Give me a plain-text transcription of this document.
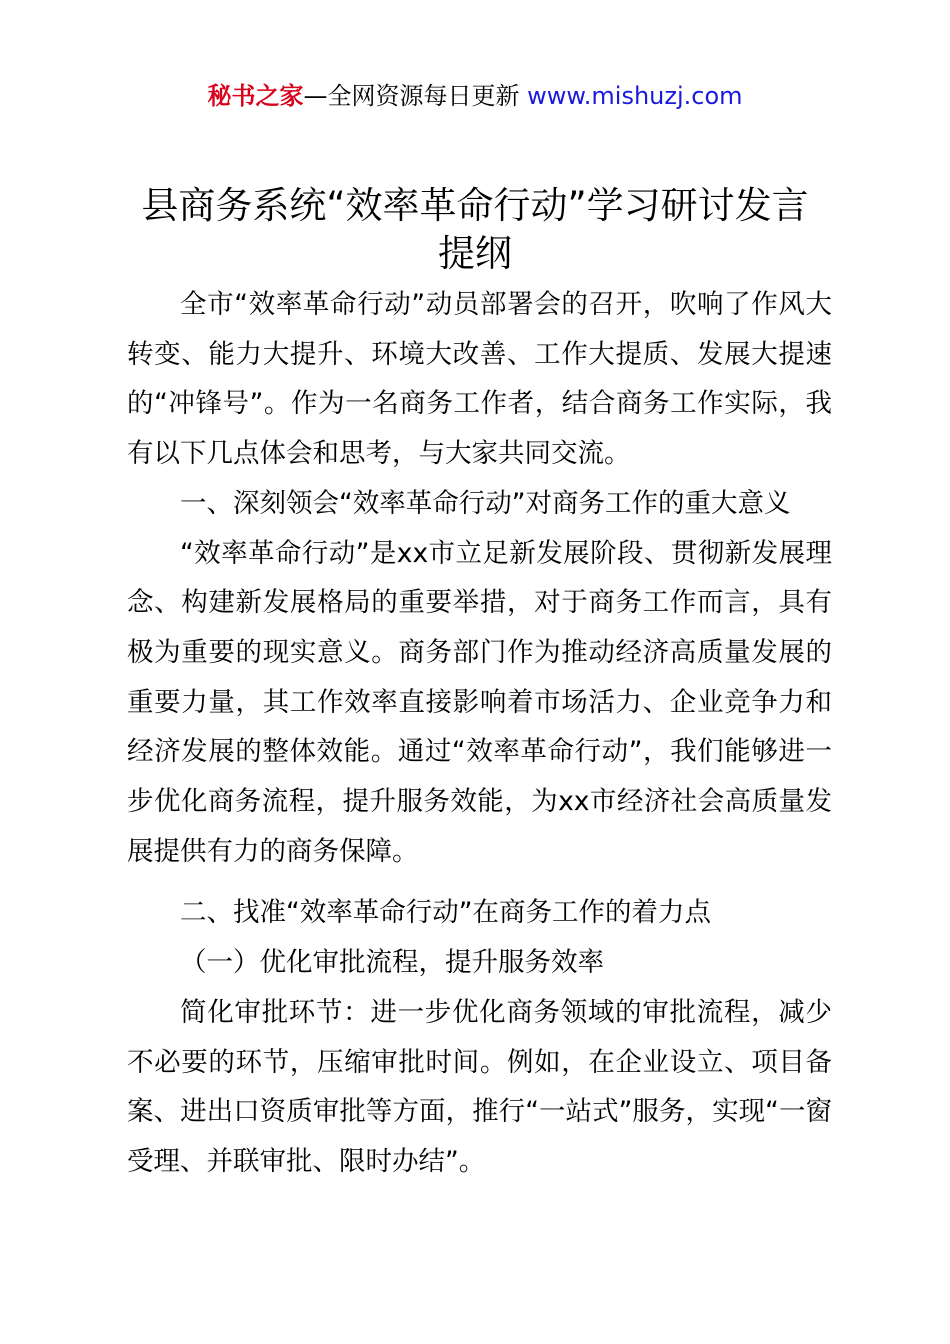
秘书之家—全网资源每日更新 www.mishuzj.com
县商务系统“效率革命行动”学习研讨发言
提纲

全市“效率革命行动”动员部署会的召开，吹响了作风大转变、能力大提升、环境大改善、工作大提质、发展大提速的“冲锋号”。作为一名商务工作者，结合商务工作实际，我有以下几点体会和思考，与大家共同交流。

一、深刻领会“效率革命行动”对商务工作的重大意义

“效率革命行动”是xx市立足新发展阶段、贯彻新发展理念、构建新发展格局的重要举措，对于商务工作而言，具有极为重要的现实意义。商务部门作为推动经济高质量发展的重要力量，其工作效率直接影响着市场活力、企业竞争力和经济发展的整体效能。通过“效率革命行动”，我们能够进一步优化商务流程，提升服务效能，为xx市经济社会高质量发展提供有力的商务保障。

二、找准“效率革命行动”在商务工作的着力点

（一）优化审批流程，提升服务效率

简化审批环节：进一步优化商务领域的审批流程，减少不必要的环节，压缩审批时间。例如，在企业设立、项目备案、进出口资质审批等方面，推行“一站式”服务，实现“一窗受理、并联审批、限时办结”。
